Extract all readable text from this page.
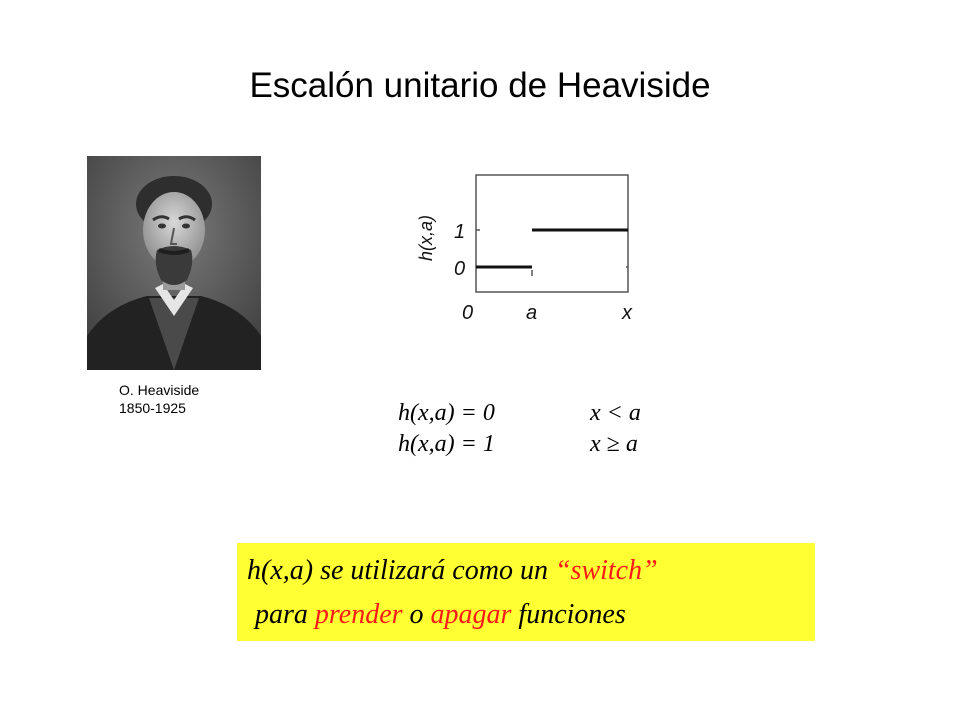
Escalón unitario de Heaviside
O. Heaviside
1850-1925
h(x,a) 1
0
0	a	x
h(x,a) = 0	x < a
h(x,a) = 1	x ≥ a
h(x,a) se utilizará como un “switch”
para prender o apagar funciones
